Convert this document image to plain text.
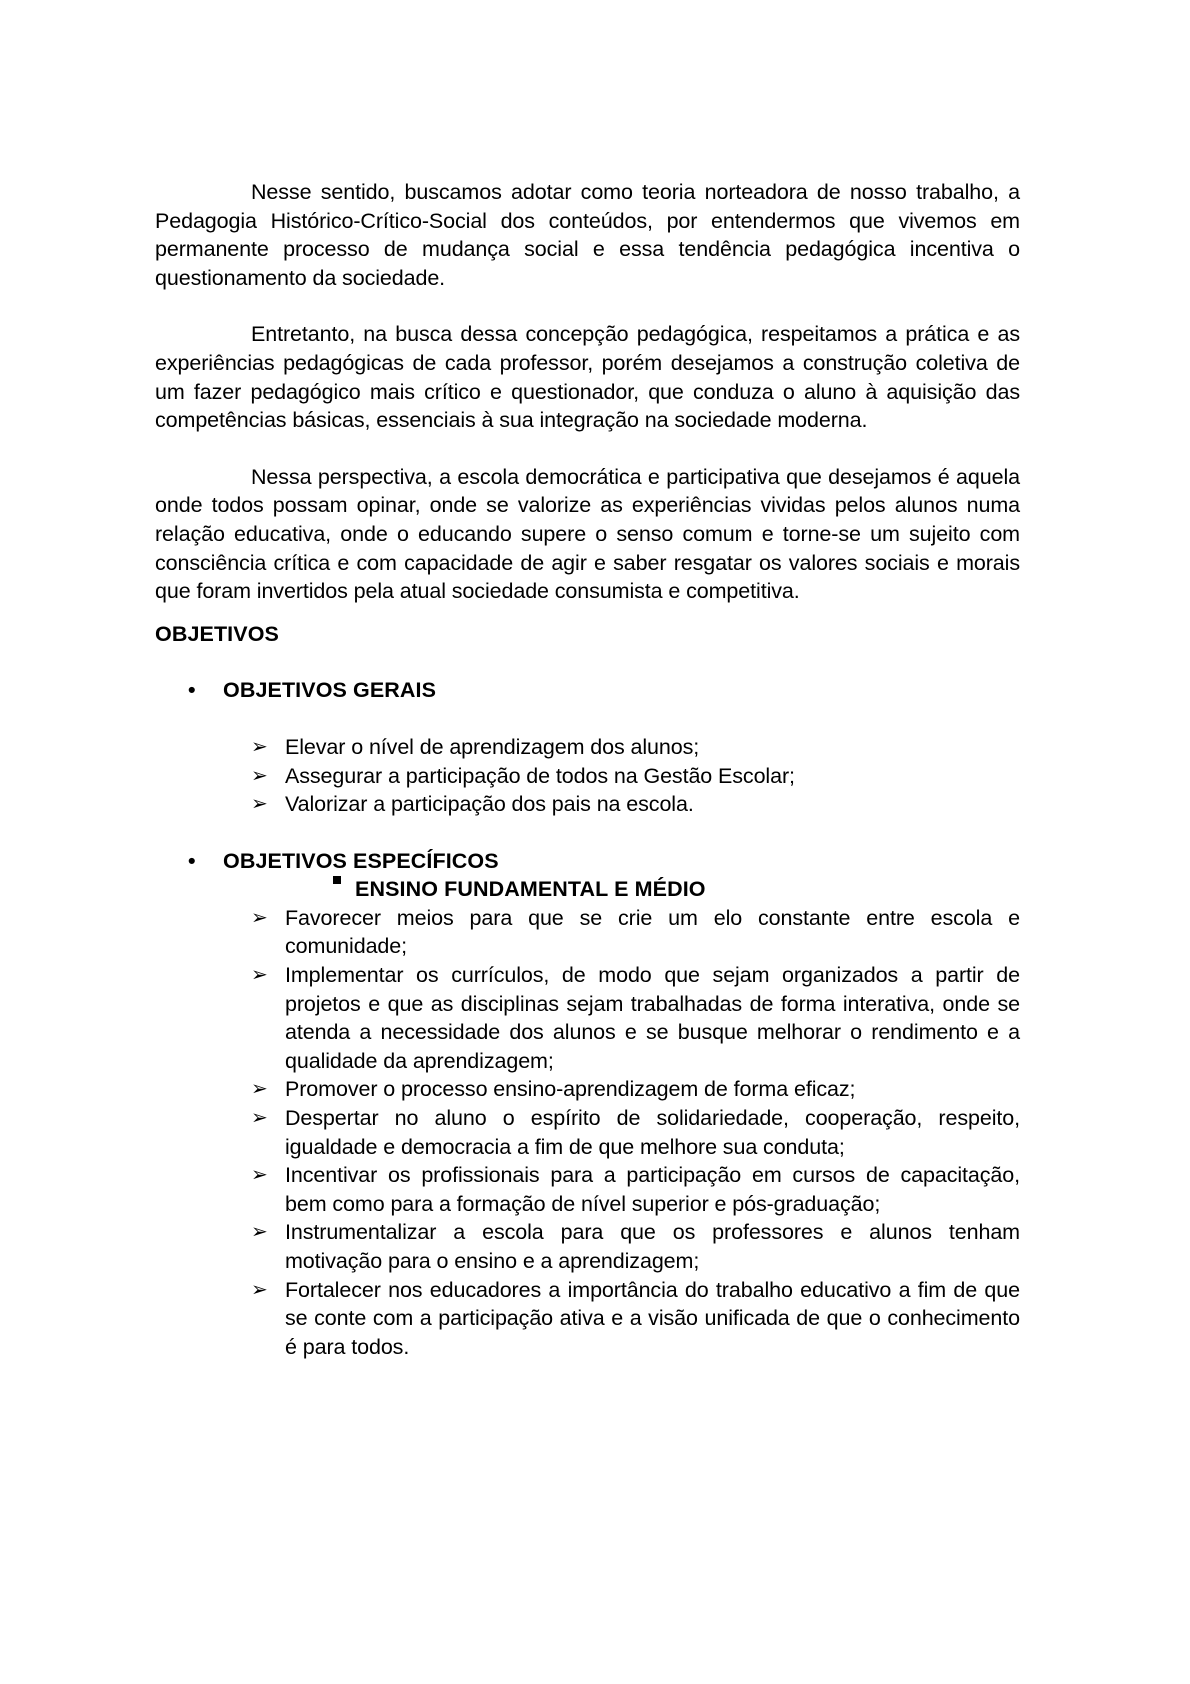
Nesse sentido, buscamos adotar como teoria norteadora de nosso trabalho, a Pedagogia Histórico-Crítico-Social dos conteúdos, por entendermos que vivemos em permanente processo de mudança social e essa tendência pedagógica incentiva o questionamento da sociedade.

Entretanto, na busca dessa concepção pedagógica, respeitamos a prática e as experiências pedagógicas de cada professor, porém desejamos a construção coletiva de um fazer pedagógico mais crítico e questionador, que conduza o aluno à aquisição das competências básicas, essenciais à sua integração na sociedade moderna.

Nessa perspectiva, a escola democrática e participativa que desejamos é aquela onde todos possam opinar, onde se valorize as experiências vividas pelos alunos numa relação educativa, onde o educando supere o senso comum e torne-se um sujeito com consciência crítica e com capacidade de agir e saber resgatar os valores sociais e morais que foram invertidos pela atual sociedade consumista e competitiva.

OBJETIVOS
• OBJETIVOS GERAIS
➢ Elevar o nível de aprendizagem dos alunos;
➢ Assegurar a participação de todos na Gestão Escolar;
➢ Valorizar a participação dos pais na escola.
• OBJETIVOS ESPECÍFICOS
ENSINO FUNDAMENTAL E MÉDIO
➢ Favorecer meios para que se crie um elo constante entre escola e comunidade;
➢ Implementar os currículos, de modo que sejam organizados a partir de projetos e que as disciplinas sejam trabalhadas de forma interativa, onde se atenda a necessidade dos alunos e se busque melhorar o rendimento e a qualidade da aprendizagem;
➢ Promover o processo ensino-aprendizagem de forma eficaz;
➢ Despertar no aluno o espírito de solidariedade, cooperação, respeito, igualdade e democracia a fim de que melhore sua conduta;
➢ Incentivar os profissionais para a participação em cursos de capacitação, bem como para a formação de nível superior e pós-graduação;
➢ Instrumentalizar a escola para que os professores e alunos tenham motivação para o ensino e a aprendizagem;
➢ Fortalecer nos educadores a importância do trabalho educativo a fim de que se conte com a participação ativa e a visão unificada de que o conhecimento é para todos.
